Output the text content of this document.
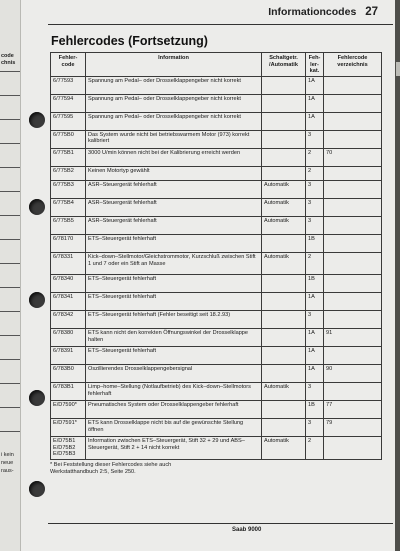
code
chnis
i kein
neue
raus-
Informationcodes 27
Fehlercodes (Fortsetzung)
Fehler-
code	Information	Schaltgetr.
/Automatik	Feh-
ler-
kat.	Fehlercode
verzeichnis
6/77593	Spannung am Pedal– oder Drosselklappengeber nicht korrekt		1A	
6/77594	Spannung am Pedal– oder Drosselklappengeber nicht korrekt		1A	
6/77595	Spannung am Pedal– oder Drosselklappengeber nicht korrekt		1A	
6/775B0	Das System wurde nicht bei betriebswarmem Motor (973) korrekt kalibriert		3	
6/775B1	3000 U/min können nicht bei der Kalibrierung erreicht werden		2	70
6/775B2	Keinen Motortyp gewählt		2	
6/775B3	ASR–Steuergerät fehlerhaft	Automatik	3	
6/775B4	ASR–Steuergerät fehlerhaft	Automatik	3	
6/775B5	ASR–Steuergerät fehlerhaft	Automatik	3	
6/78170	ETS–Steuergerät fehlerhaft		1B	
6/78331	Kick–down–Stellmotor/Gleichstrommotor, Kurzschluß zwischen Stift 1 und 7 oder ein Stift an Masse	Automatik	2	
6/78340	ETS–Steuergerät fehlerhaft		1B	
6/78341	ETS–Steuergerät fehlerhaft		1A	
6/78342	ETS–Steuergerät fehlerhaft (Fehler beseitigt seit 18.2.93)		3	
6/78380	ETS kann nicht den korrekten Öffnungswinkel der Drosselklappe halten		1A	91
6/78391	ETS–Steuergerät fehlerhaft		1A	
6/783B0	Oszillierendes Drosselklappengebersignal		1A	90
6/783B1	Limp–home–Stellung (Notlaufbetrieb) des Kick–down–Stellmotors fehlerhaft	Automatik	3	
E/D7590*	Pneumatisches System oder Drosselklappengeber fehlerhaft		1B	77
E/D7591*	ETS kann Drosselklappe nicht bis auf die gewünschte Stellung öffnen		3	79
E/D75B1
E/D75B2
E/D75B3	Information zwischen ETS–Steuergerät, Stift 32 + 29 und ABS–Steuergerät, Stift 2 + 14 nicht korrekt	Automatik	2	
* Bei Feststellung dieser Fehlercodes siehe auch
Werkstatthandbuch 2:5, Seite 250.
Saab 9000
